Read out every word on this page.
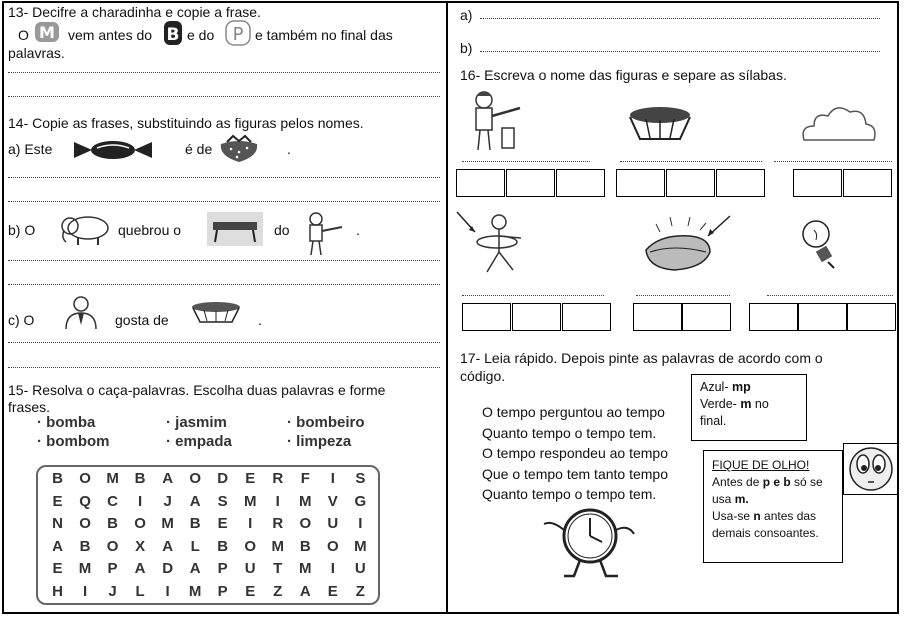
13- Decifre a charadinha e copie a frase.
O M vem antes do B e do P e também no final das
palavras.
14- Copie as frases, substituindo as figuras pelos nomes.
a) Este	é de	.
b) O	quebrou o	do	.
c) O	gosta de	.
15- Resolva o caça-palavras. Escolha duas palavras e forme
frases.
· bomba	· jasmim	· bombeiro
· bombom	· empada	· limpeza
B	O	M	B	A	O	D	E	R	F	I	S
E	Q	C	I	J	A	S	M	I	M	V	G
N	O	B	O	M	B	E	I	R	O	U	I
A	B	O	X	A	L	B	O	M	B	O	M
E	M	P	A	D	A	P	U	T	M	I	U
H	I	J	L	I	M	P	E	Z	A	E	Z
a)
b)
16- Escreva o nome das figuras e separe as sílabas.
17- Leia rápido. Depois pinte as palavras de acordo com o
código.
O tempo perguntou ao tempo
Quanto tempo o tempo tem.
O tempo respondeu ao tempo
Que o tempo tem tanto tempo
Quanto tempo o tempo tem.
Azul- mp
Verde- m no
final.
FIQUE DE OLHO!
Antes de p e b só se
usa m.
Usa-se n antes das
demais consoantes.
